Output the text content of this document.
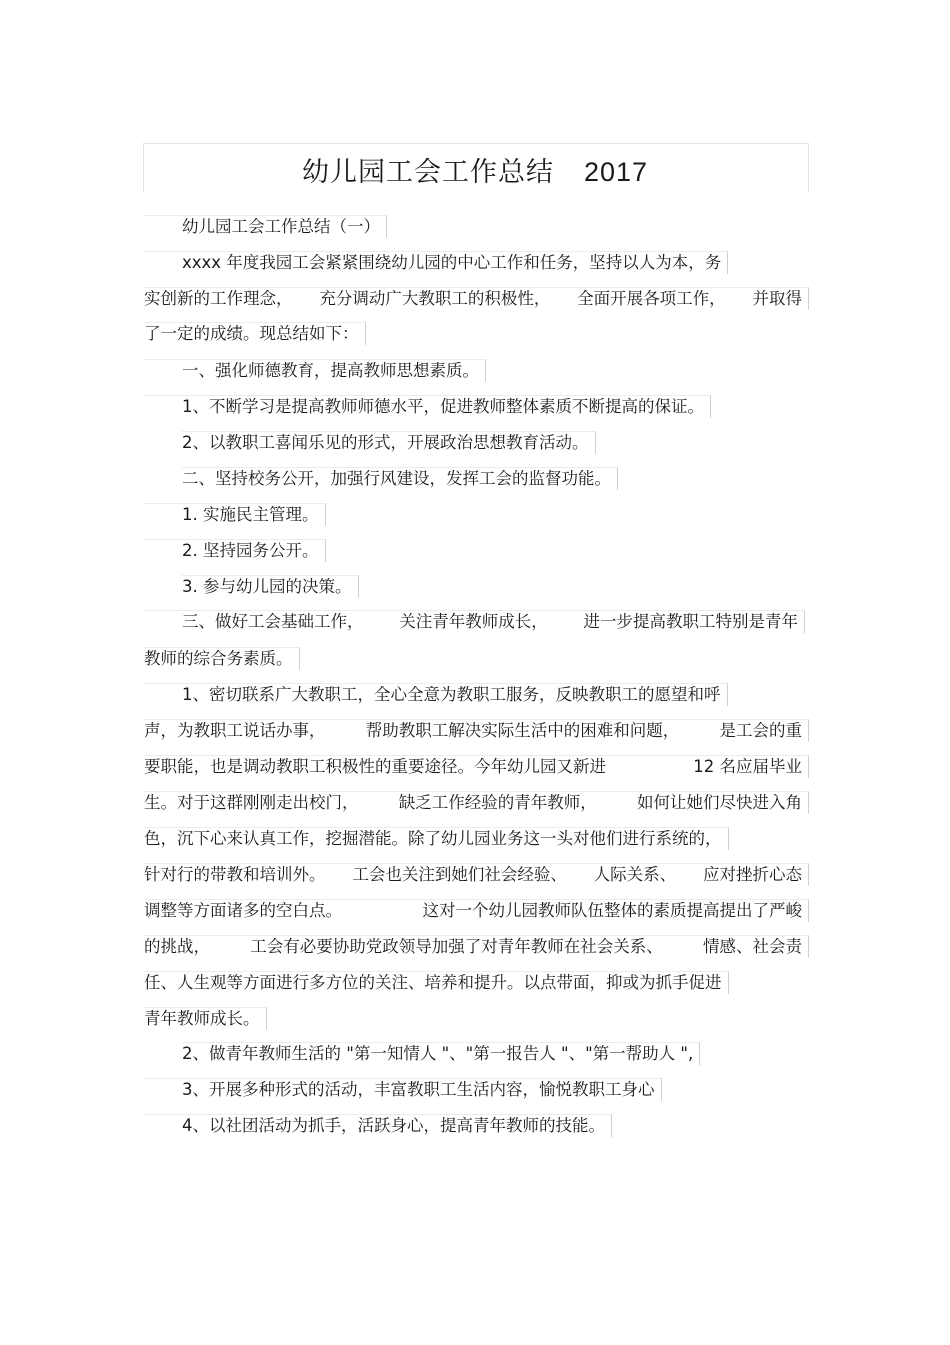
幼儿园工会工作总结 2017
幼儿园工会工作总结（一）
xxxx 年度我园工会紧紧围绕幼儿园的中心工作和任务，坚持以人为本，务
实创新的工作理念， 充分调动广大教职工的积极性， 全面开展各项工作， 并取得
了一定的成绩。现总结如下：
一、强化师德教育，提高教师思想素质。
1、不断学习是提高教师师德水平，促进教师整体素质不断提高的保证。
2、以教职工喜闻乐见的形式，开展政治思想教育活动。
二、坚持校务公开，加强行风建设，发挥工会的监督功能。
1. 实施民主管理。
2. 坚持园务公开。
3. 参与幼儿园的决策。
三、做好工会基础工作， 关注青年教师成长， 进一步提高教职工特别是青年
教师的综合务素质。
1、密切联系广大教职工，全心全意为教职工服务，反映教职工的愿望和呼
声，为教职工说话办事， 帮助教职工解决实际生活中的困难和问题， 是工会的重
要职能，也是调动教职工积极性的重要途径。今年幼儿园又新进	12 名应届毕业
生。对于这群刚刚走出校门， 缺乏工作经验的青年教师， 如何让她们尽快进入角
色，沉下心来认真工作，挖掘潜能。除了幼儿园业务这一头对他们进行系统的，
针对行的带教和培训外。 工会也关注到她们社会经验、 人际关系、 应对挫折心态
调整等方面诸多的空白点。	这对一个幼儿园教师队伍整体的素质提高提出了严峻
的挑战， 工会有必要协助党政领导加强了对青年教师在社会关系、 情感、社会责
任、人生观等方面进行多方位的关注、培养和提升。以点带面，抑或为抓手促进
青年教师成长。
2、做青年教师生活的 "第一知情人 "、"第一报告人 "、"第一帮助人 ",
3、开展多种形式的活动，丰富教职工生活内容，愉悦教职工身心
4、以社团活动为抓手，活跃身心，提高青年教师的技能。
